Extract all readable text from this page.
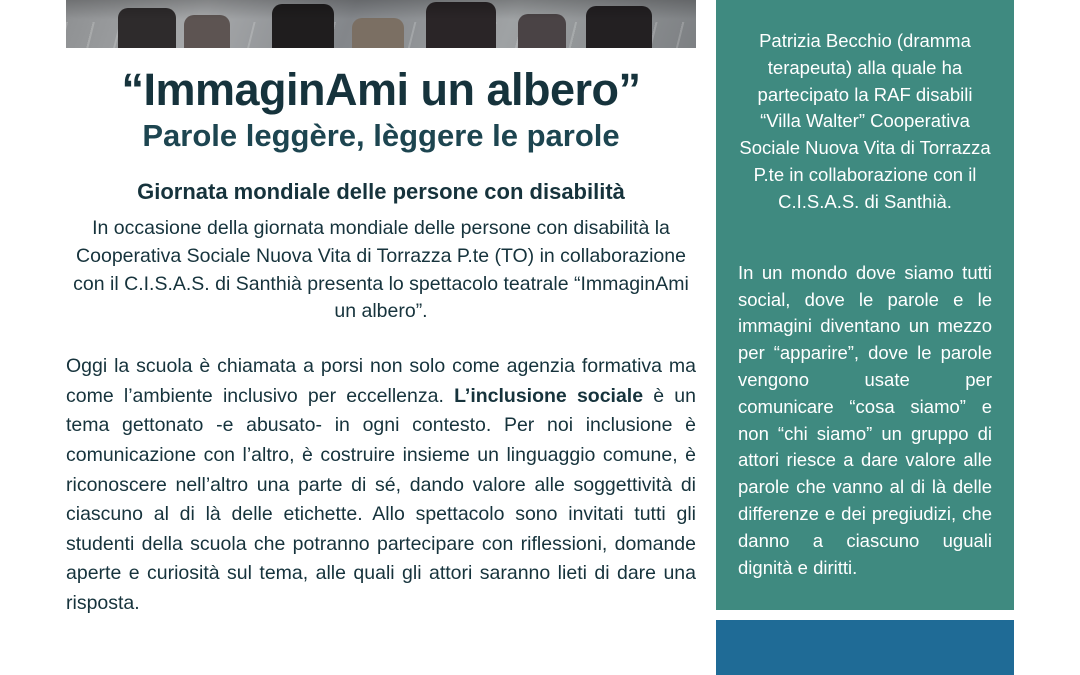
“ImmaginAmi un albero”
Parole leggère, lèggere le parole
Giornata mondiale delle persone con disabilità

In occasione della giornata mondiale delle persone con disabilità la Cooperativa Sociale Nuova Vita di Torrazza P.te (TO) in collaborazione con il C.I.S.A.S. di Santhià presenta lo spettacolo teatrale “ImmaginAmi un albero”.

Oggi la scuola è chiamata a porsi non solo come agenzia formativa ma come l’ambiente inclusivo per eccellenza. L’inclusione sociale è un tema gettonato -e abusato- in ogni contesto. Per noi inclusione è comunicazione con l’altro, è costruire insieme un linguaggio comune, è riconoscere nell’altro una parte di sé, dando valore alle soggettività di ciascuno al di là delle etichette. Allo spettacolo sono invitati tutti gli studenti della scuola che potranno partecipare con riflessioni, domande aperte e curiosità sul tema, alle quali gli attori saranno lieti di dare una risposta.

Patrizia Becchio (dramma terapeuta) alla quale ha partecipato la RAF disabili “Villa Walter” Cooperativa Sociale Nuova Vita di Torrazza P.te in collaborazione con il C.I.S.A.S. di Santhià.

In un mondo dove siamo tutti social, dove le parole e le immagini diventano un mezzo per “apparire”, dove le parole vengono usate per comunicare “cosa siamo” e non “chi siamo” un gruppo di attori riesce a dare valore alle parole che vanno al di là delle differenze e dei pregiudizi, che danno a ciascuno uguali dignità e diritti.
